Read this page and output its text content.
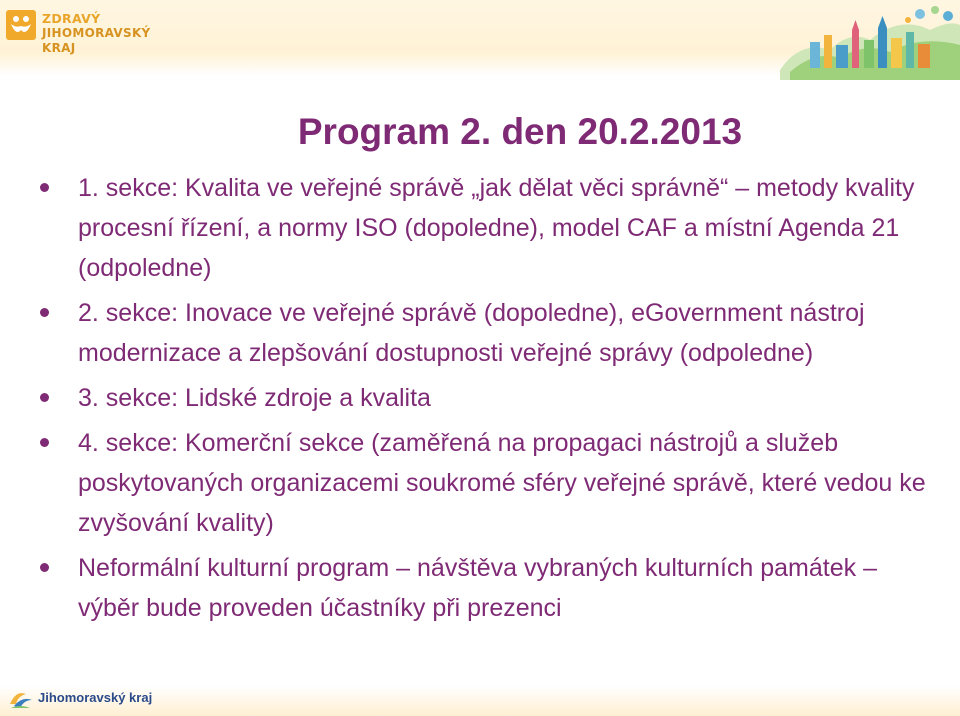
ZDRAVÝ
JIHOMORAVSKÝ KRAJ
Program 2. den 20.2.2013
1. sekce: Kvalita ve veřejné správě „jak dělat věci správně“ – metody kvality procesní řízení, a normy ISO (dopoledne), model CAF a místní Agenda 21 (odpoledne)
2. sekce: Inovace ve veřejné správě (dopoledne), eGovernment nástroj modernizace a zlepšování dostupnosti veřejné správy (odpoledne)
3. sekce: Lidské zdroje a kvalita
4. sekce: Komerční sekce (zaměřená na propagaci nástrojů a služeb poskytovaných organizacemi soukromé sféry veřejné správě, které vedou ke zvyšování kvality)
Neformální kulturní program – návštěva vybraných kulturních památek – výběr bude proveden účastníky při prezenci
Jihomoravský kraj
